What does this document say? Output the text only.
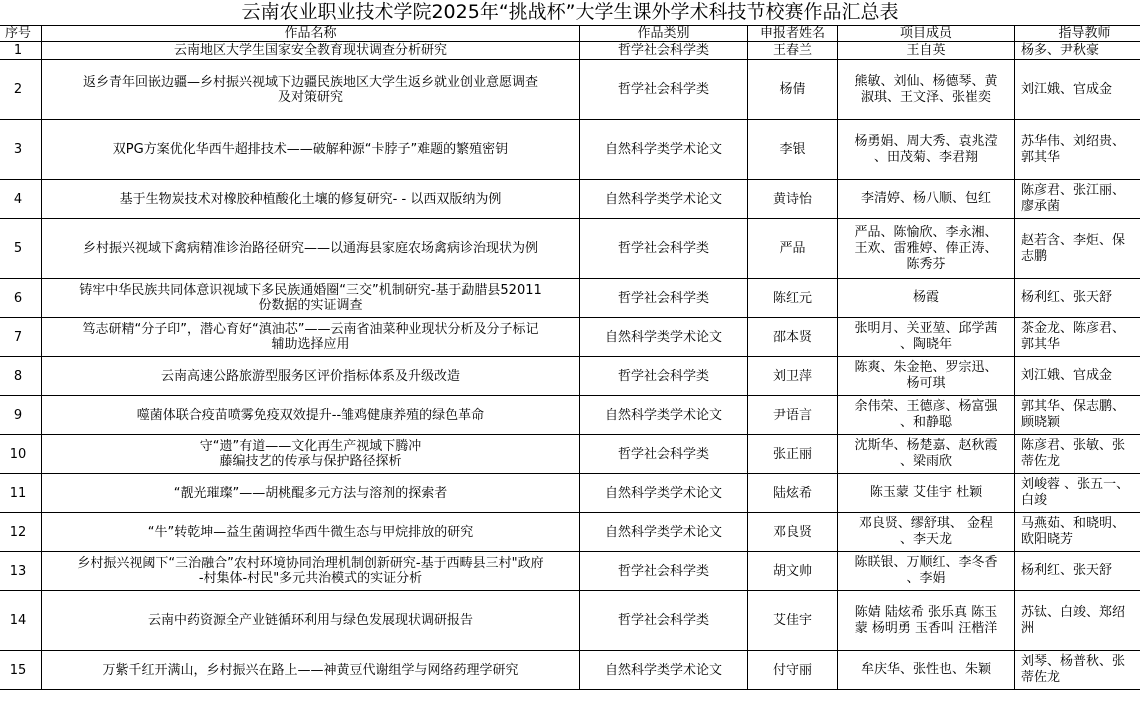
云南农业职业技术学院2025年“挑战杯”大学生课外学术科技节校赛作品汇总表
序号	作品名称	作品类别	申报者姓名	项目成员	指导教师
1	云南地区大学生国家安全教育现状调查分析研究	哲学社会科学类	王春兰	王自英	杨多、尹秋豪
2	返乡青年回嵌边疆—乡村振兴视域下边疆民族地区大学生返乡就业创业意愿调查
及对策研究	哲学社会科学类	杨倩	熊敏、刘仙、杨德琴、黄
淑琪、王文泽、张崔奕	刘江娥、官成金
3	双PG方案优化华西牛超排技术——破解种源“卡脖子”难题的繁殖密钥	自然科学类学术论文	李银	杨勇娟、周大秀、袁兆滢
、田茂菊、李君翔	苏华伟、刘绍贵、
郭其华
4	基于生物炭技术对橡胶种植酸化土壤的修复研究- - 以西双版纳为例	自然科学类学术论文	黄诗怡	李清婷、杨八顺、包红	陈彦君、张江丽、
廖承菌
5	乡村振兴视域下禽病精准诊治路径研究——以通海县家庭农场禽病诊治现状为例	哲学社会科学类	严品	严品、陈愉欣、李永湘、
王欢、雷雅婷、俸正涛、
陈秀芬	赵若含、李炬、保
志鹏
6	铸牢中华民族共同体意识视域下多民族通婚圈“三交”机制研究-基于勐腊县52011
份数据的实证调查	哲学社会科学类	陈红元	杨霞	杨利红、张天舒
7	笃志研精“分子印”，潜心育好“滇油芯”——云南省油菜种业现状分析及分子标记
辅助选择应用	自然科学类学术论文	邵本贤	张明月、关亚堃、邱学茜
、陶晓年	茶金龙、陈彦君、
郭其华
8	云南高速公路旅游型服务区评价指标体系及升级改造	哲学社会科学类	刘卫萍	陈爽、朱金艳、罗宗迅、
杨可琪	刘江娥、官成金
9	噬菌体联合疫苗喷雾免疫双效提升--雏鸡健康养殖的绿色革命	自然科学类学术论文	尹语言	余伟荣、王德彦、杨富强
、和静聪	郭其华、保志鹏、
顾晓颖
10	守“遗”有道——文化再生产视域下腾冲
藤编技艺的传承与保护路径探析	哲学社会科学类	张正丽	沈斯华、杨楚嘉、赵秋霞
、梁雨欣	陈彦君、张敏、张
蒂佐龙
11	“靓光璀璨”——胡桃醌多元方法与溶剂的探索者	自然科学类学术论文	陆炫希	陈玉蒙 艾佳宇 杜颖	刘峻蓉 、张五一、
白竣
12	“牛”转乾坤—益生菌调控华西牛微生态与甲烷排放的研究	自然科学类学术论文	邓良贤	邓良贤、缪舒琪、 金程
、李天龙	马燕茹、和晓明、
欧阳晓芳
13	乡村振兴视阈下“三治融合”农村环境协同治理机制创新研究-基于西畴县三村"政府
-村集体-村民"多元共治模式的实证分析	哲学社会科学类	胡文帅	陈眹银、万顺红、李冬香
、李娟	杨利红、张天舒
14	云南中药资源全产业链循环利用与绿色发展现状调研报告	哲学社会科学类	艾佳宇	陈婧 陆炫希 张乐真 陈玉
蒙 杨明勇 玉香叫 汪楷洋	苏钛、白竣、郑绍
洲
15	万紫千红开满山，乡村振兴在路上——神黄豆代谢组学与网络药理学研究	自然科学类学术论文	付守丽	牟庆华、张性也、朱颖	刘琴、杨普秋、张
蒂佐龙
